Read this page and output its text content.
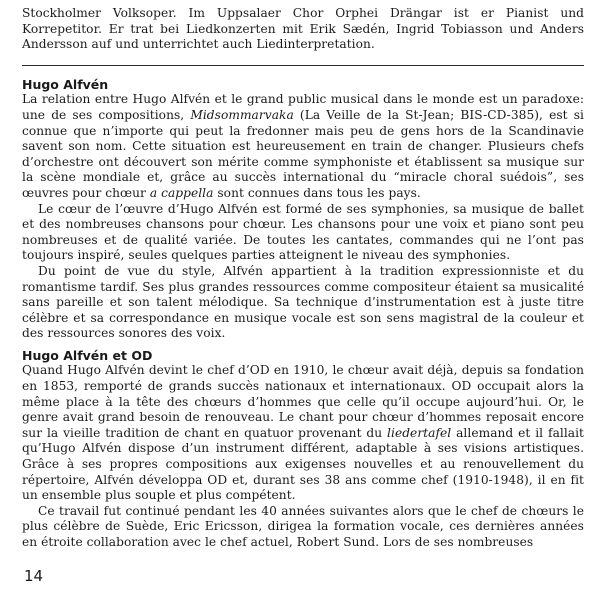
Stockholmer Volksoper. Im Uppsalaer Chor Orphei Drängar ist er Pianist und Korrepetitor. Er trat bei Liedkonzerten mit Erik Sædén, Ingrid Tobiasson und Anders Andersson auf und unterrichtet auch Liedinterpretation.

Hugo Alfvén

La relation entre Hugo Alfvén et le grand public musical dans le monde est un paradoxe: une de ses compositions, Midsommarvaka (La Veille de la St-Jean; BIS-CD-385), est si connue que n’importe qui peut la fredonner mais peu de gens hors de la Scandinavie savent son nom. Cette situation est heureusement en train de changer. Plusieurs chefs d’orchestre ont découvert son mérite comme symphoniste et établissent sa musique sur la scène mondiale et, grâce au succès international du “miracle choral suédois”, ses œuvres pour chœur a cappella sont connues dans tous les pays.

Le cœur de l’œuvre d’Hugo Alfvén est formé de ses symphonies, sa musique de ballet et des nombreuses chansons pour chœur. Les chansons pour une voix et piano sont peu nombreuses et de qualité variée. De toutes les cantates, commandes qui ne l’ont pas toujours inspiré, seules quelques parties atteignent le niveau des symphonies.

Du point de vue du style, Alfvén appartient à la tradition expressionniste et du romantisme tardif. Ses plus grandes ressources comme compositeur étaient sa musicalité sans pareille et son talent mélodique. Sa technique d’instrumentation est à juste titre célèbre et sa correspondance en musique vocale est son sens magistral de la couleur et des ressources sonores des voix.

Hugo Alfvén et OD

Quand Hugo Alfvén devint le chef d’OD en 1910, le chœur avait déjà, depuis sa fondation en 1853, remporté de grands succès nationaux et internationaux. OD occupait alors la même place à la tête des chœurs d’hommes que celle qu’il occupe aujourd’hui. Or, le genre avait grand besoin de renouveau. Le chant pour chœur d’hommes reposait encore sur la vieille tradition de chant en quatuor provenant du liedertafel allemand et il fallait qu’Hugo Alfvén dispose d’un instrument différent, adaptable à ses visions artistiques. Grâce à ses propres compositions aux exigenses nouvelles et au renouvellement du répertoire, Alfvén développa OD et, durant ses 38 ans comme chef (1910-1948), il en fit un ensemble plus souple et plus compétent.

Ce travail fut continué pendant les 40 années suivantes alors que le chef de chœurs le plus célèbre de Suède, Eric Ericsson, dirigea la formation vocale, ces dernières années en étroite collaboration avec le chef actuel, Robert Sund. Lors de ses nombreuses

14
